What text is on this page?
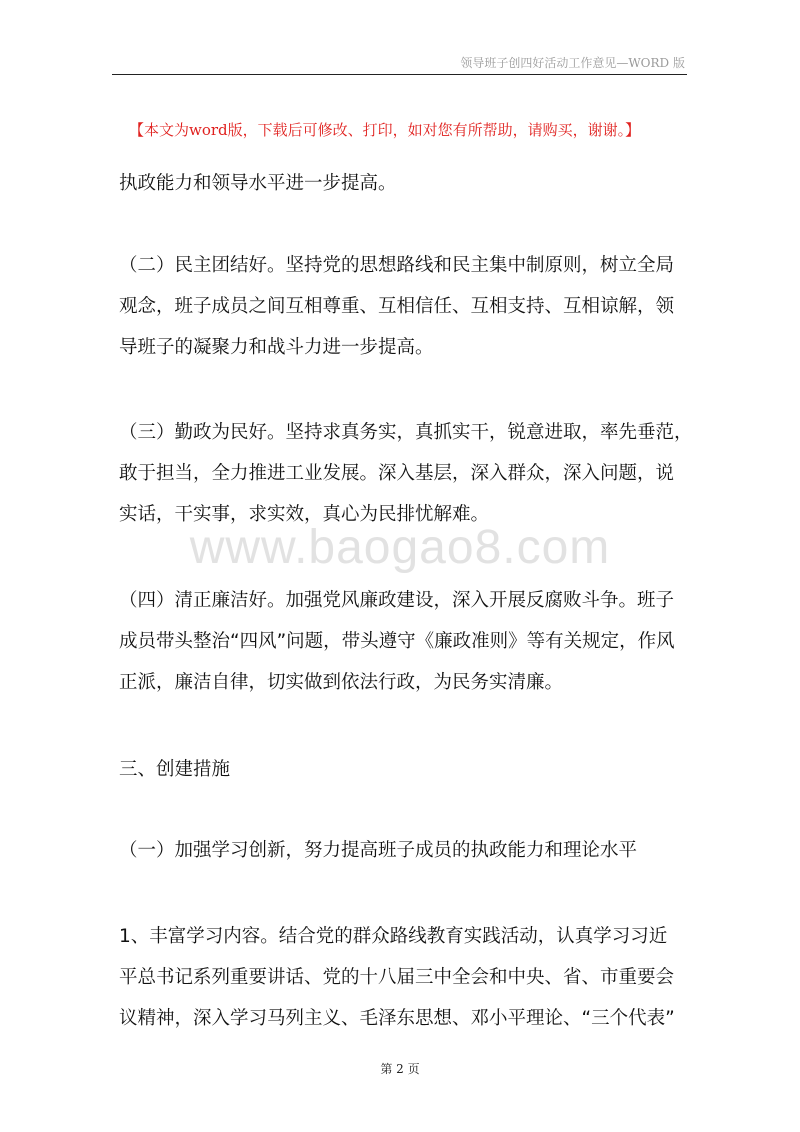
领导班子创四好活动工作意见—WORD 版
【本文为word版，下载后可修改、打印，如对您有所帮助，请购买，谢谢。】
www.baogao8.com

执政能力和领导水平进一步提高。

（二）民主团结好。坚持党的思想路线和民主集中制原则，树立全局
观念，班子成员之间互相尊重、互相信任、互相支持、互相谅解，领
导班子的凝聚力和战斗力进一步提高。

（三）勤政为民好。坚持求真务实，真抓实干，锐意进取，率先垂范，
敢于担当，全力推进工业发展。深入基层，深入群众，深入问题，说
实话，干实事，求实效，真心为民排忧解难。

（四）清正廉洁好。加强党风廉政建设，深入开展反腐败斗争。班子
成员带头整治“四风”问题，带头遵守《廉政准则》等有关规定，作风
正派，廉洁自律，切实做到依法行政，为民务实清廉。

三、创建措施

（一）加强学习创新，努力提高班子成员的执政能力和理论水平

1、丰富学习内容。结合党的群众路线教育实践活动，认真学习习近
平总书记系列重要讲话、党的十八届三中全会和中央、省、市重要会
议精神，深入学习马列主义、毛泽东思想、邓小平理论、“三个代表”

第 2 页
